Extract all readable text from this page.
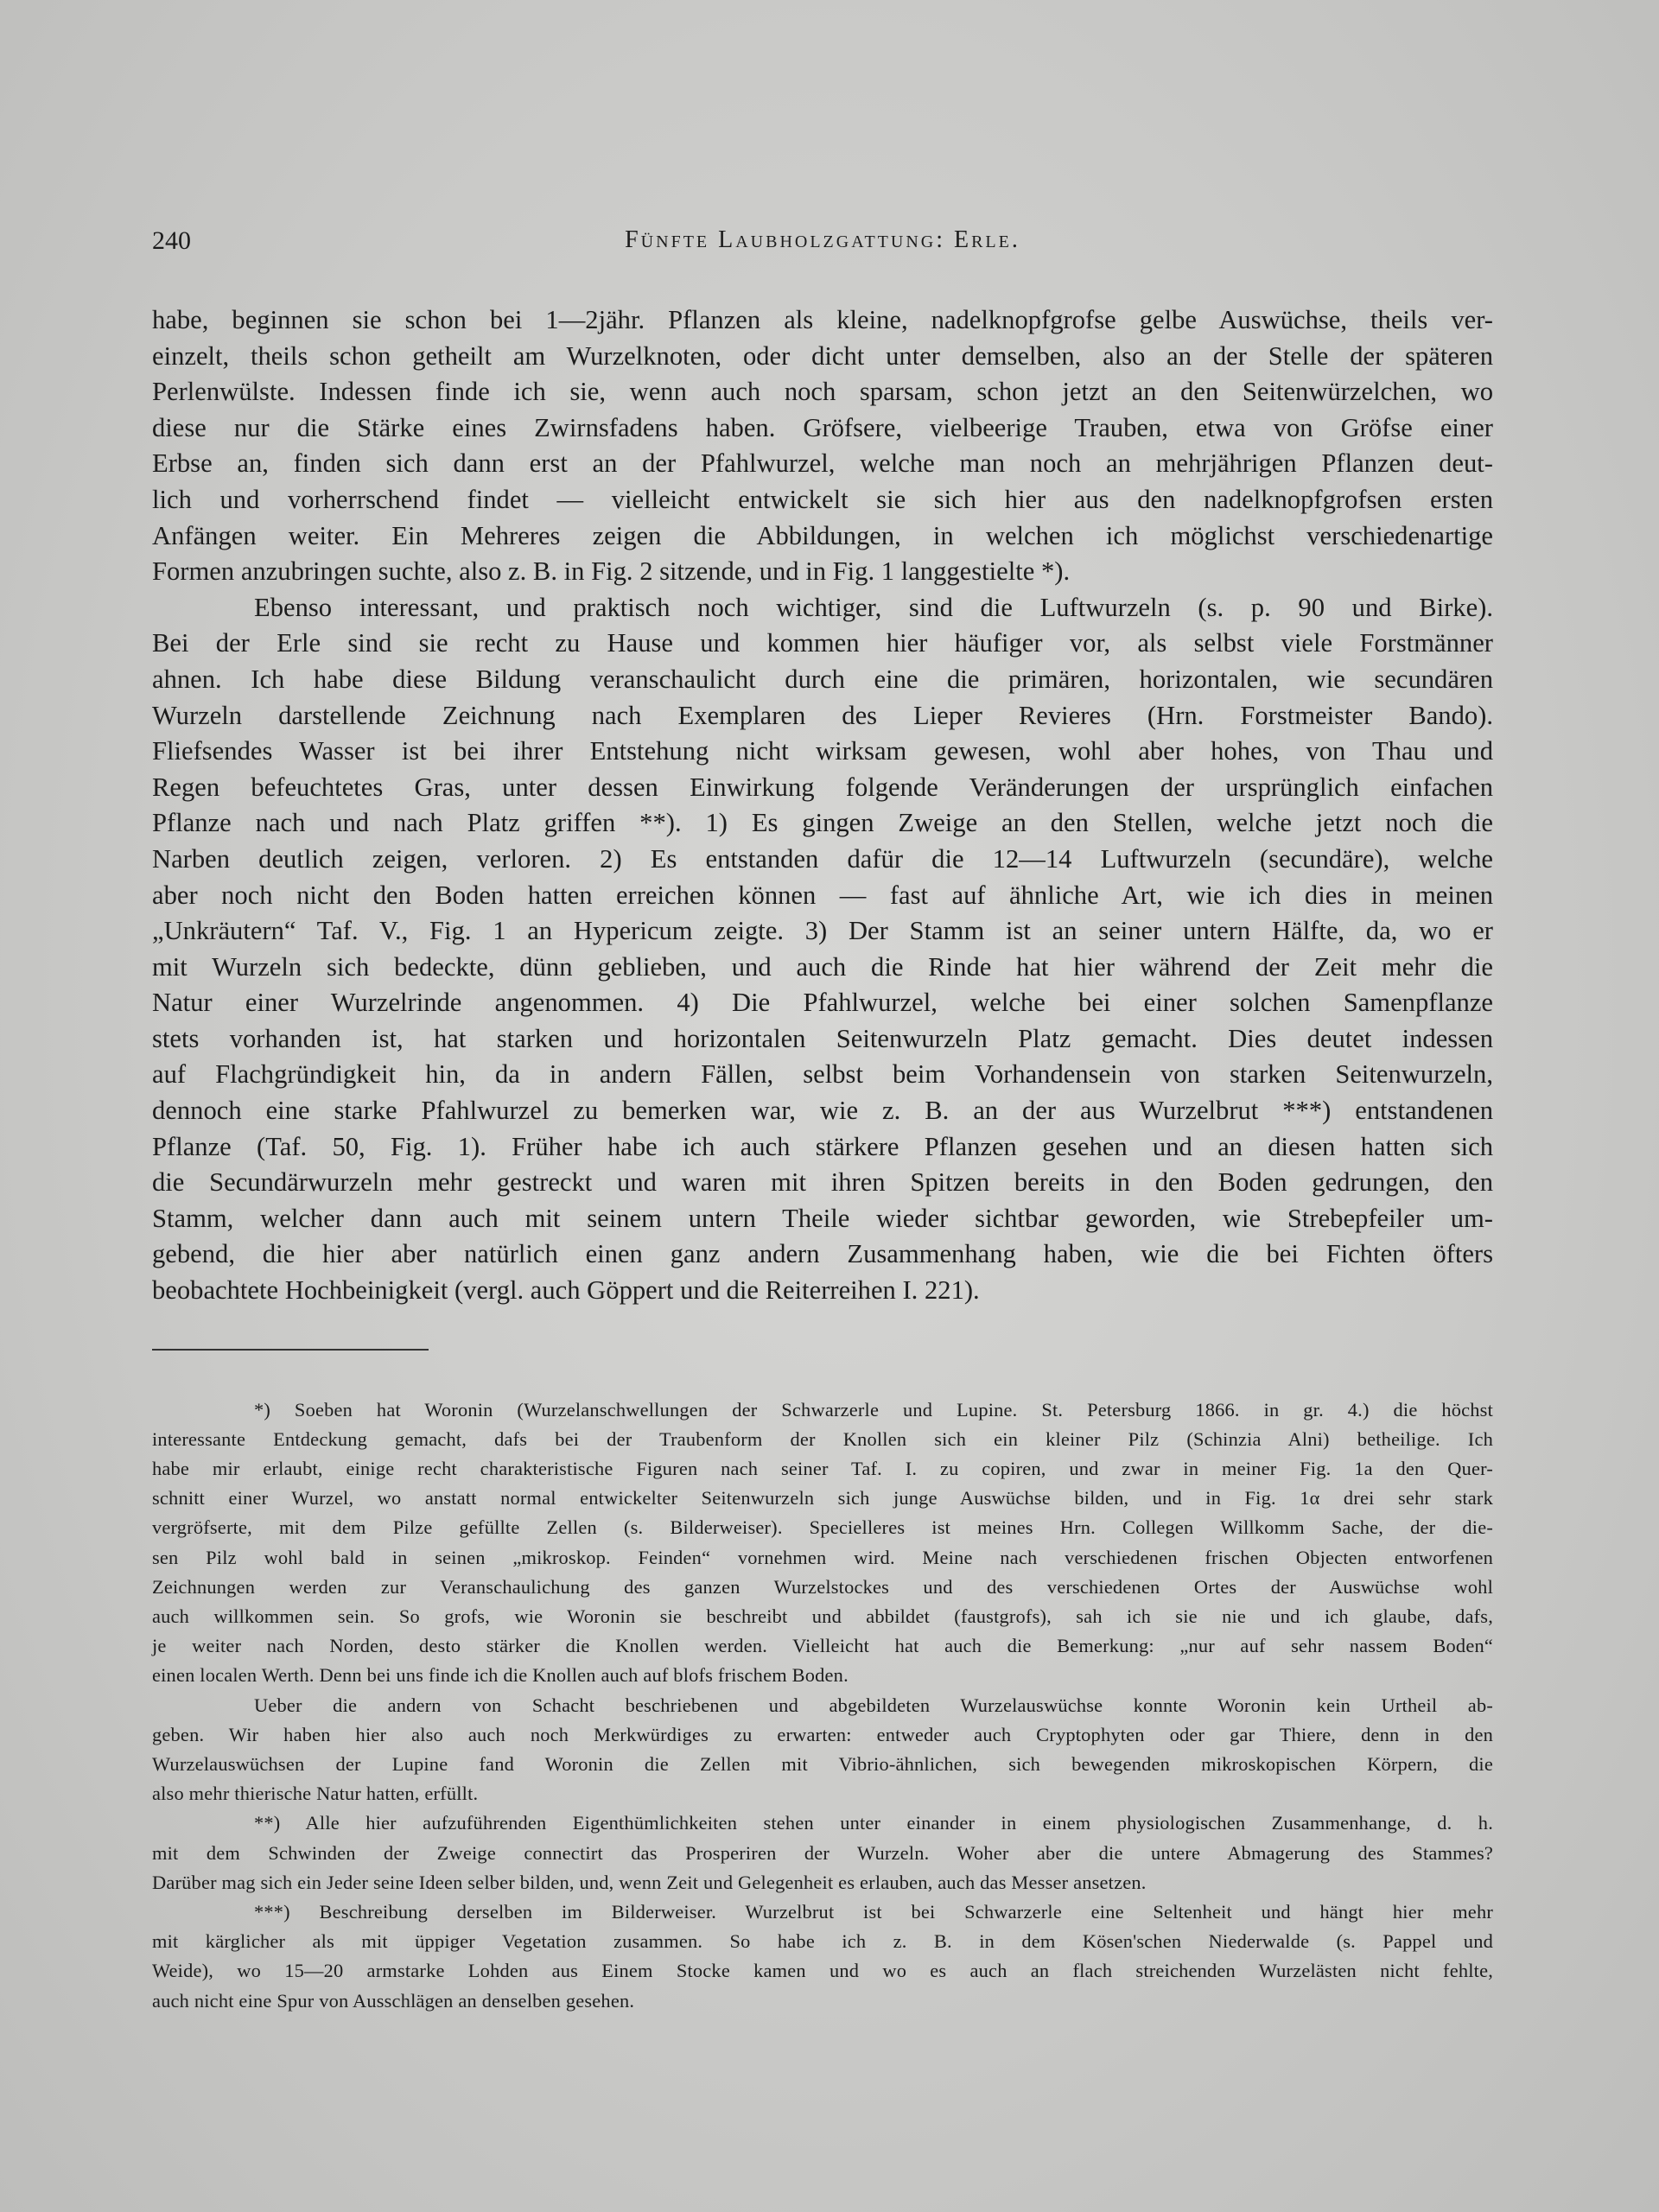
240	Fünfte Laubholzgattung: Erle.

habe, beginnen sie schon bei 1—2jähr. Pflanzen als kleine, nadelknopfgrofse gelbe Auswüchse, theils ver-
einzelt, theils schon getheilt am Wurzelknoten, oder dicht unter demselben, also an der Stelle der späteren
Perlenwülste. Indessen finde ich sie, wenn auch noch sparsam, schon jetzt an den Seitenwürzelchen, wo
diese nur die Stärke eines Zwirnsfadens haben. Gröfsere, vielbeerige Trauben, etwa von Gröfse einer
Erbse an, finden sich dann erst an der Pfahlwurzel, welche man noch an mehrjährigen Pflanzen deut-
lich und vorherrschend findet — vielleicht entwickelt sie sich hier aus den nadelknopfgrofsen ersten
Anfängen weiter. Ein Mehreres zeigen die Abbildungen, in welchen ich möglichst verschiedenartige
Formen anzubringen suchte, also z. B. in Fig. 2 sitzende, und in Fig. 1 langgestielte *).

Ebenso interessant, und praktisch noch wichtiger, sind die Luftwurzeln (s. p. 90 und Birke).
Bei der Erle sind sie recht zu Hause und kommen hier häufiger vor, als selbst viele Forstmänner
ahnen. Ich habe diese Bildung veranschaulicht durch eine die primären, horizontalen, wie secundären
Wurzeln darstellende Zeichnung nach Exemplaren des Lieper Revieres (Hrn. Forstmeister Bando).
Fliefsendes Wasser ist bei ihrer Entstehung nicht wirksam gewesen, wohl aber hohes, von Thau und
Regen befeuchtetes Gras, unter dessen Einwirkung folgende Veränderungen der ursprünglich einfachen
Pflanze nach und nach Platz griffen **). 1) Es gingen Zweige an den Stellen, welche jetzt noch die
Narben deutlich zeigen, verloren. 2) Es entstanden dafür die 12—14 Luftwurzeln (secundäre), welche
aber noch nicht den Boden hatten erreichen können — fast auf ähnliche Art, wie ich dies in meinen
„Unkräutern“ Taf. V., Fig. 1 an Hypericum zeigte. 3) Der Stamm ist an seiner untern Hälfte, da, wo er
mit Wurzeln sich bedeckte, dünn geblieben, und auch die Rinde hat hier während der Zeit mehr die
Natur einer Wurzelrinde angenommen. 4) Die Pfahlwurzel, welche bei einer solchen Samenpflanze
stets vorhanden ist, hat starken und horizontalen Seitenwurzeln Platz gemacht. Dies deutet indessen
auf Flachgründigkeit hin, da in andern Fällen, selbst beim Vorhandensein von starken Seitenwurzeln,
dennoch eine starke Pfahlwurzel zu bemerken war, wie z. B. an der aus Wurzelbrut ***) entstandenen
Pflanze (Taf. 50, Fig. 1). Früher habe ich auch stärkere Pflanzen gesehen und an diesen hatten sich
die Secundärwurzeln mehr gestreckt und waren mit ihren Spitzen bereits in den Boden gedrungen, den
Stamm, welcher dann auch mit seinem untern Theile wieder sichtbar geworden, wie Strebepfeiler um-
gebend, die hier aber natürlich einen ganz andern Zusammenhang haben, wie die bei Fichten öfters
beobachtete Hochbeinigkeit (vergl. auch Göppert und die Reiterreihen I. 221).

*) Soeben hat Woronin (Wurzelanschwellungen der Schwarzerle und Lupine. St. Petersburg 1866. in gr. 4.) die höchst
interessante Entdeckung gemacht, dafs bei der Traubenform der Knollen sich ein kleiner Pilz (Schinzia Alni) betheilige. Ich
habe mir erlaubt, einige recht charakteristische Figuren nach seiner Taf. I. zu copiren, und zwar in meiner Fig. 1a den Quer-
schnitt einer Wurzel, wo anstatt normal entwickelter Seitenwurzeln sich junge Auswüchse bilden, und in Fig. 1α drei sehr stark
vergröfserte, mit dem Pilze gefüllte Zellen (s. Bilderweiser). Specielleres ist meines Hrn. Collegen Willkomm Sache, der die-
sen Pilz wohl bald in seinen „mikroskop. Feinden“ vornehmen wird. Meine nach verschiedenen frischen Objecten entworfenen
Zeichnungen werden zur Veranschaulichung des ganzen Wurzelstockes und des verschiedenen Ortes der Auswüchse wohl
auch willkommen sein. So grofs, wie Woronin sie beschreibt und abbildet (faustgrofs), sah ich sie nie und ich glaube, dafs,
je weiter nach Norden, desto stärker die Knollen werden. Vielleicht hat auch die Bemerkung: „nur auf sehr nassem Boden“
einen localen Werth. Denn bei uns finde ich die Knollen auch auf blofs frischem Boden.
Ueber die andern von Schacht beschriebenen und abgebildeten Wurzelauswüchse konnte Woronin kein Urtheil ab-
geben. Wir haben hier also auch noch Merkwürdiges zu erwarten: entweder auch Cryptophyten oder gar Thiere, denn in den
Wurzelauswüchsen der Lupine fand Woronin die Zellen mit Vibrio-ähnlichen, sich bewegenden mikroskopischen Körpern, die
also mehr thierische Natur hatten, erfüllt.
**) Alle hier aufzuführenden Eigenthümlichkeiten stehen unter einander in einem physiologischen Zusammenhange, d. h.
mit dem Schwinden der Zweige connectirt das Prosperiren der Wurzeln. Woher aber die untere Abmagerung des Stammes?
Darüber mag sich ein Jeder seine Ideen selber bilden, und, wenn Zeit und Gelegenheit es erlauben, auch das Messer ansetzen.
***) Beschreibung derselben im Bilderweiser. Wurzelbrut ist bei Schwarzerle eine Seltenheit und hängt hier mehr
mit kärglicher als mit üppiger Vegetation zusammen. So habe ich z. B. in dem Kösen'schen Niederwalde (s. Pappel und
Weide), wo 15—20 armstarke Lohden aus Einem Stocke kamen und wo es auch an flach streichenden Wurzelästen nicht fehlte,
auch nicht eine Spur von Ausschlägen an denselben gesehen.
